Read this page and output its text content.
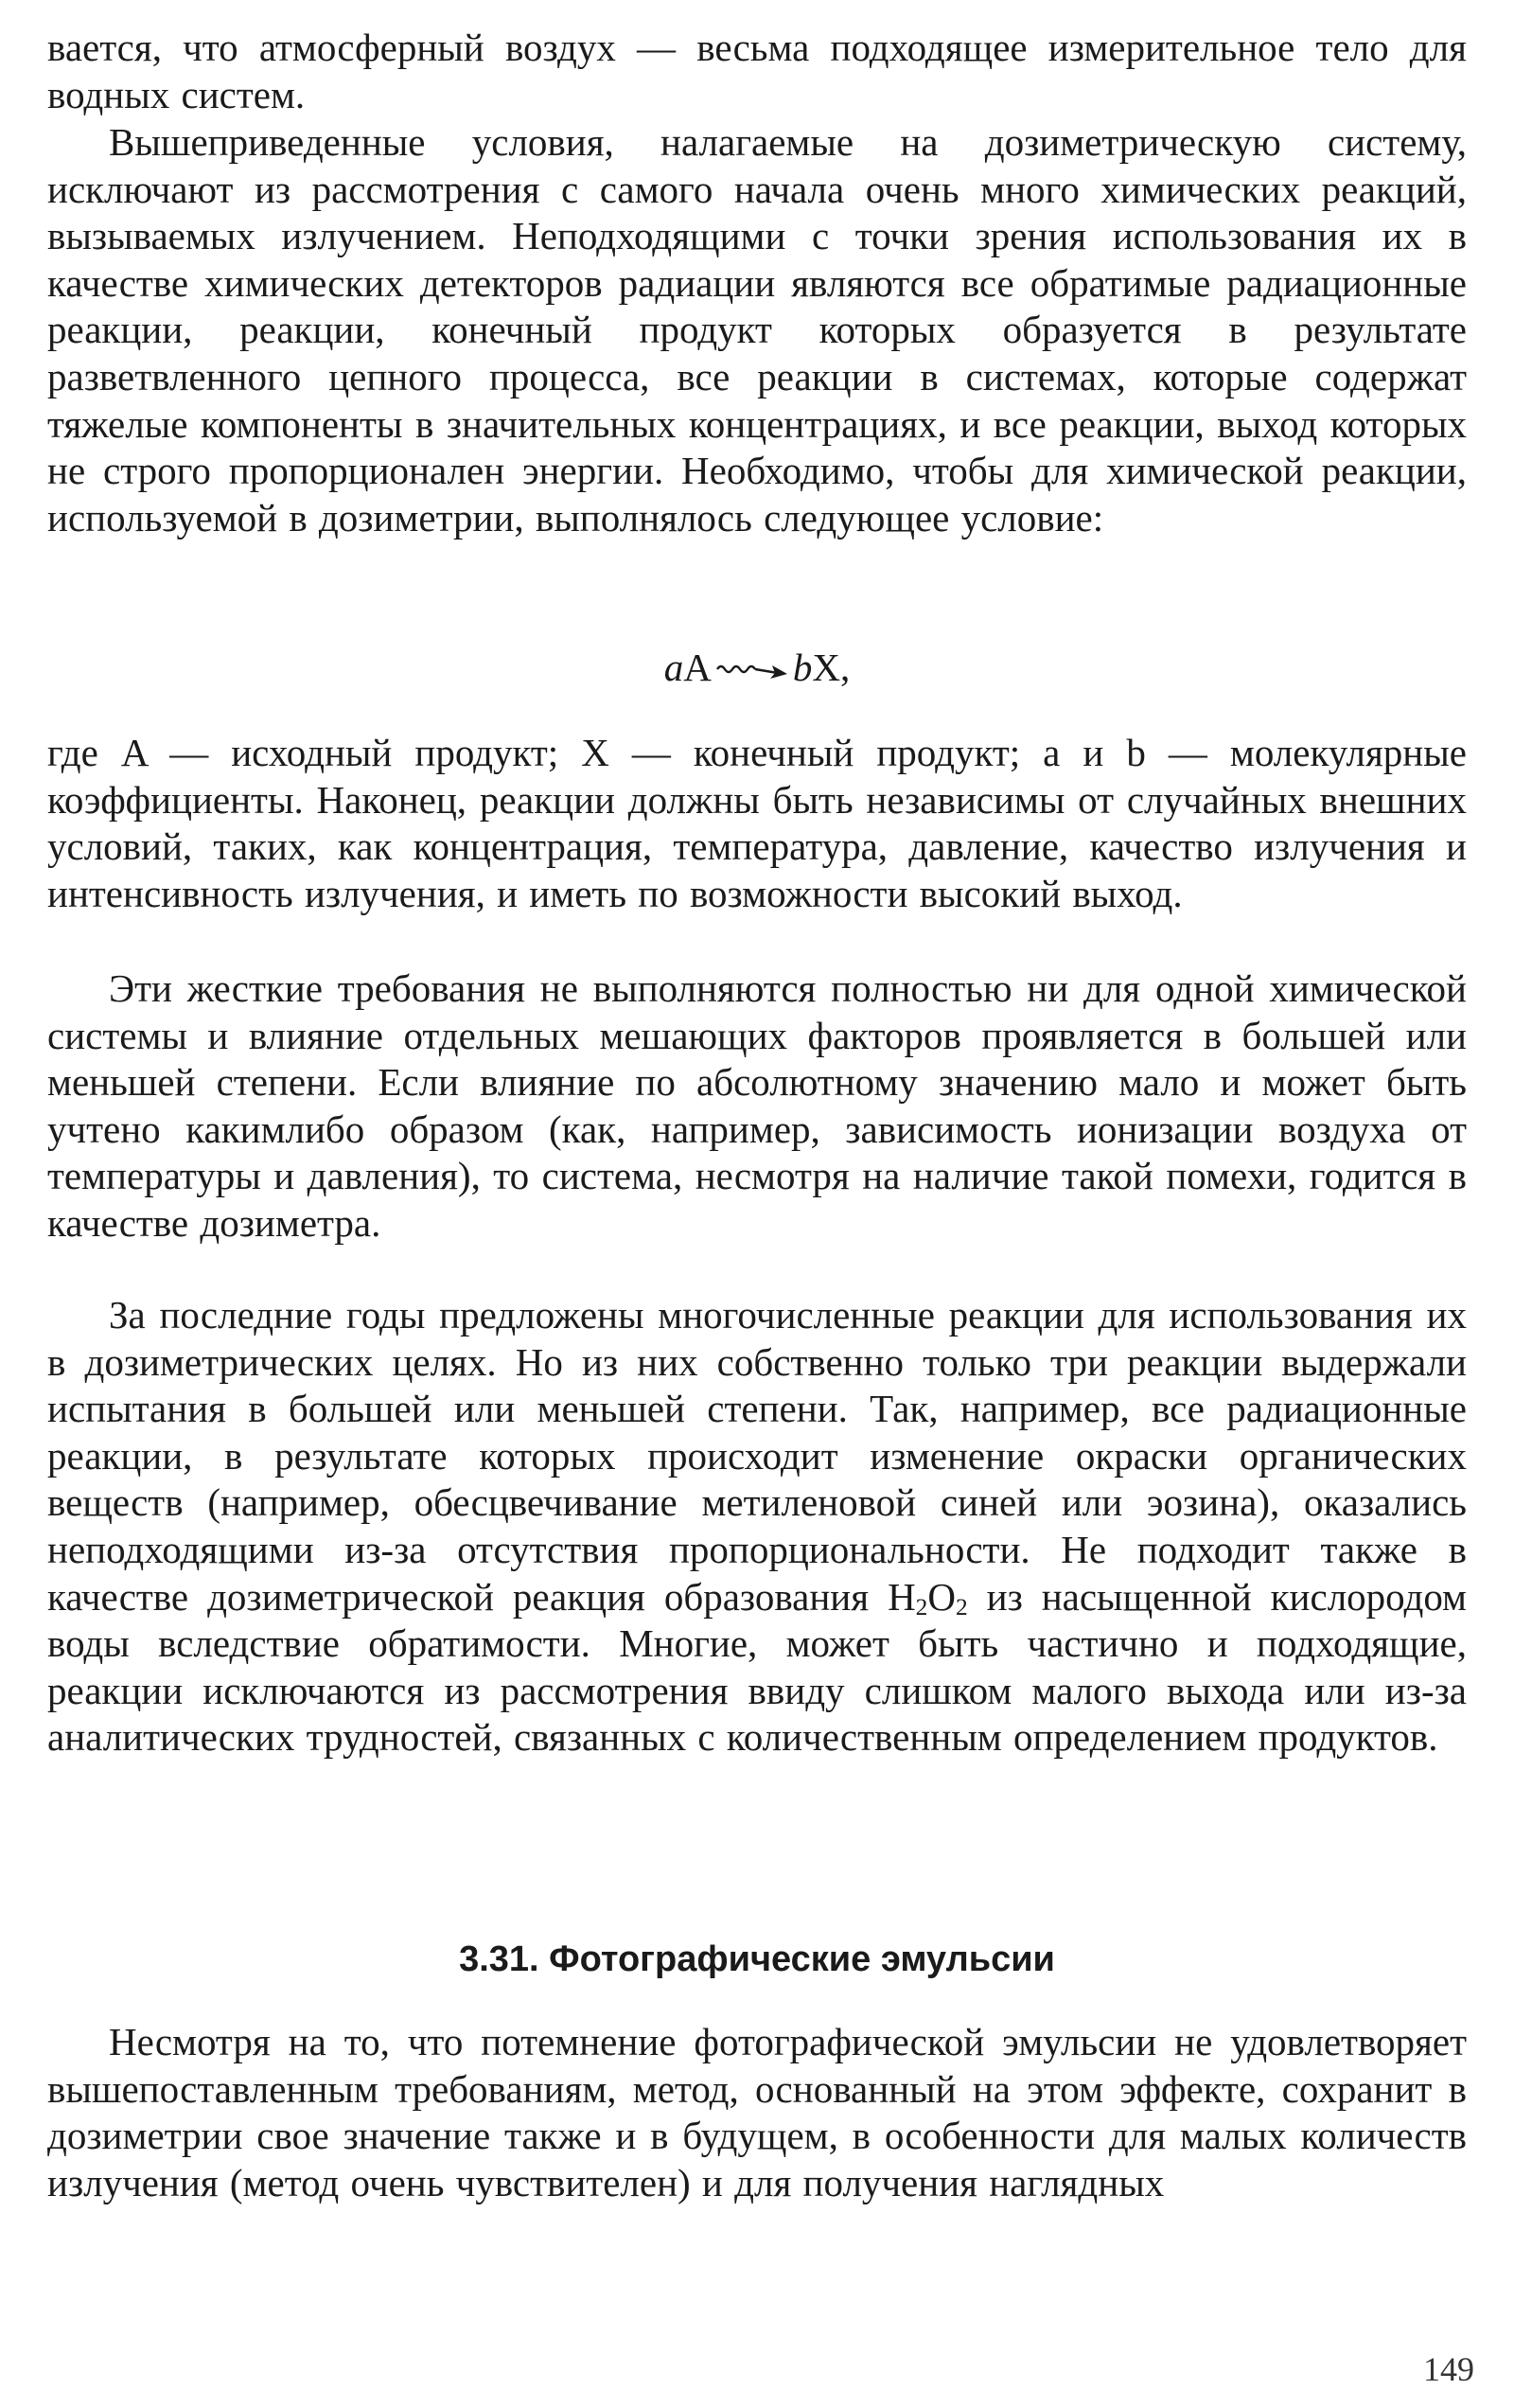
вается, что атмосферный воздух — весьма подходящее измерительное тело для водных систем.

Вышеприведенные условия, налагаемые на дозиметрическую систему, исключают из рассмотрения с самого начала очень много химических реакций, вызываемых излучением. Неподходящими с точки зрения использования их в качестве химических детекторов радиации являются все обратимые радиационные реакции, реакции, конечный продукт которых образуется в результате разветвленного цепного процесса, все реакции в системах, которые содержат тяжелые компоненты в значительных концентрациях, и все реакции, выход которых не строго пропорционален энергии. Необходимо, чтобы для химической реакции, используемой в дозиметрии, выполнялось следующее условие:

aA bX,

где A — исходный продукт; X — конечный продукт; a и b — молекулярные коэффициенты. Наконец, реакции должны быть независимы от случайных внешних условий, таких, как концентрация, температура, давление, качество излучения и интенсивность излучения, и иметь по возможности высокий выход.

Эти жесткие требования не выполняются полностью ни для одной химической системы и влияние отдельных мешающих факторов проявляется в большей или меньшей степени. Если влияние по абсолютному значению мало и может быть учтено какимлибо образом (как, например, зависимость ионизации воздуха от температуры и давления), то система, несмотря на наличие такой помехи, годится в качестве дозиметра.

За последние годы предложены многочисленные реакции для использования их в дозиметрических целях. Но из них собственно только три реакции выдержали испытания в большей или меньшей степени. Так, например, все радиационные реакции, в результате которых происходит изменение окраски органических веществ (например, обесцвечивание метиленовой синей или эозина), оказались неподходящими из-за отсутствия пропорциональности. Не подходит также в качестве дозиметрической реакция образования $H_2O_2$ из насыщенной кислородом воды вследствие обратимости. Многие, может быть частично и подходящие, реакции исключаются из рассмотрения ввиду слишком малого выхода или из-за аналитических трудностей, связанных с количественным определением продуктов.

3.31. Фотографические эмульсии

Несмотря на то, что потемнение фотографической эмульсии не удовлетворяет вышепоставленным требованиям, метод, основанный на этом эффекте, сохранит в дозиметрии свое значение также и в будущем, в особенности для малых количеств излучения (метод очень чувствителен) и для получения наглядных

149
